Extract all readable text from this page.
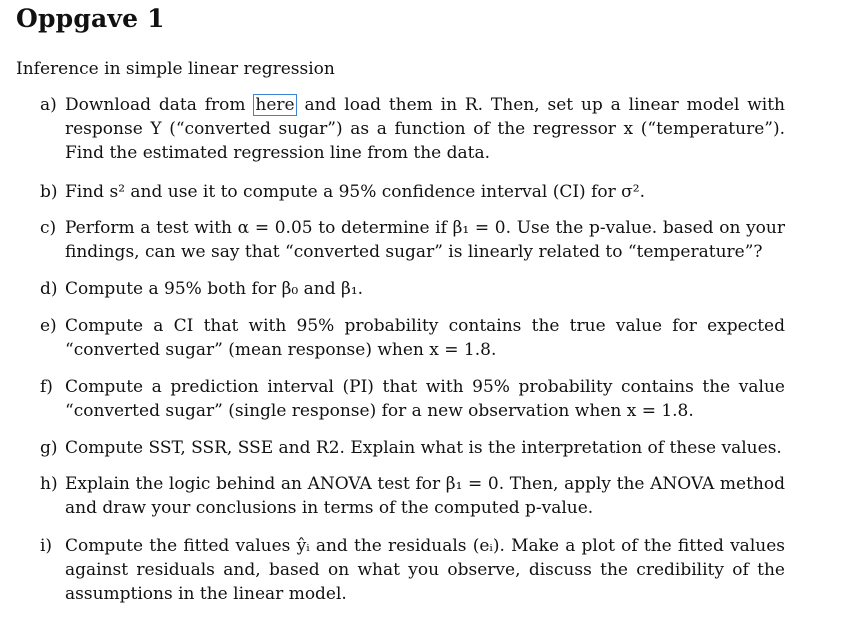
Oppgave 1

Inference in simple linear regression

a) Download data from here and load them in R. Then, set up a linear model with response Y (“converted sugar”) as a function of the regressor x (“temperature”). Find the estimated regression line from the data.
b) Find s² and use it to compute a 95% confidence interval (CI) for σ².
c) Perform a test with α = 0.05 to determine if β₁ = 0. Use the p-value. based on your findings, can we say that “converted sugar” is linearly related to “temperature”?
d) Compute a 95% both for β₀ and β₁.
e) Compute a CI that with 95% probability contains the true value for expected “converted sugar” (mean response) when x = 1.8.
f) Compute a prediction interval (PI) that with 95% probability contains the value “converted sugar” (single response) for a new observation when x = 1.8.
g) Compute SST, SSR, SSE and R2. Explain what is the interpretation of these values.
h) Explain the logic behind an ANOVA test for β₁ = 0. Then, apply the ANOVA method and draw your conclusions in terms of the computed p-value.
i) Compute the fitted values ŷᵢ and the residuals (eᵢ). Make a plot of the fitted values against residuals and, based on what you observe, discuss the credibility of the assumptions in the linear model.
